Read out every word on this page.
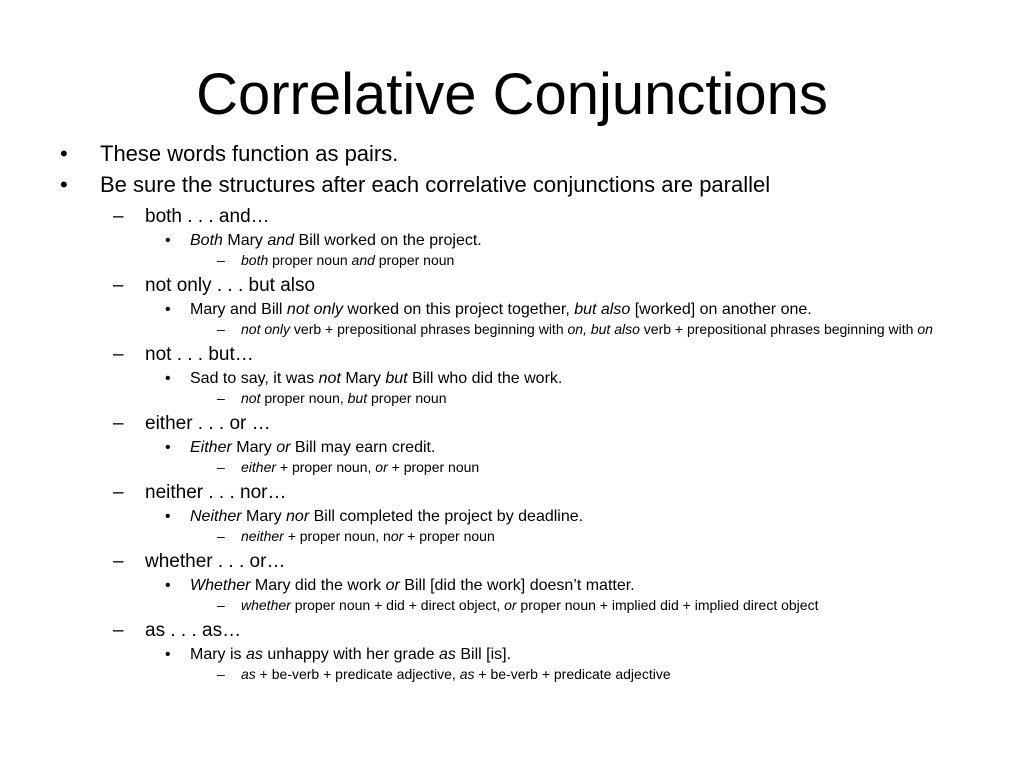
Correlative Conjunctions
• These words function as pairs.
• Be sure the structures after each correlative conjunctions are parallel
– both . . . and…
• Both Mary and Bill worked on the project.
– both proper noun and proper noun
– not only . . . but also
• Mary and Bill not only worked on this project together, but also [worked] on another one.
– not only verb + prepositional phrases beginning with on, but also verb + prepositional phrases beginning with on
– not . . . but…
• Sad to say, it was not Mary but Bill who did the work.
– not proper noun, but proper noun
– either . . . or …
• Either Mary or Bill may earn credit.
– either + proper noun, or + proper noun
– neither . . . nor…
• Neither Mary nor Bill completed the project by deadline.
– neither + proper noun, nor + proper noun
– whether . . . or…
• Whether Mary did the work or Bill [did the work] doesn’t matter.
– whether proper noun + did + direct object, or proper noun + implied did + implied direct object
– as . . . as…
• Mary is as unhappy with her grade as Bill [is].
– as + be-verb + predicate adjective, as + be-verb + predicate adjective
